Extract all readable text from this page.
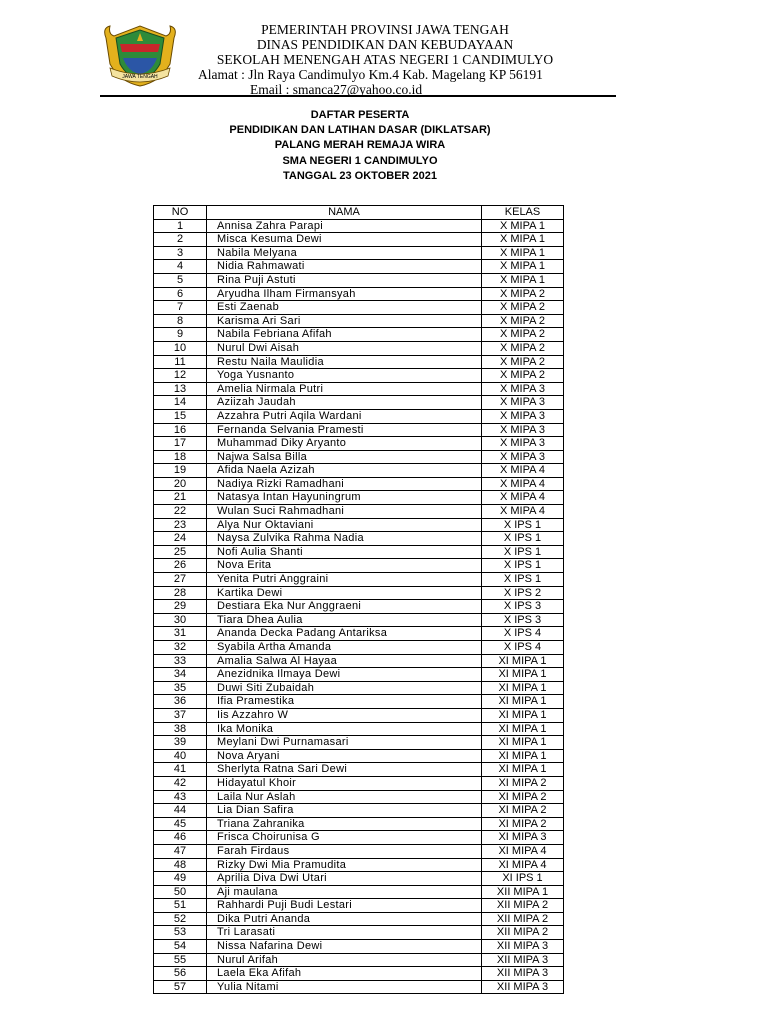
JAWA TENGAH
PEMERINTAH PROVINSI JAWA TENGAH
DINAS PENDIDIKAN DAN KEBUDAYAAN
SEKOLAH MENENGAH ATAS NEGERI 1 CANDIMULYO
Alamat : Jln Raya Candimulyo Km.4 Kab. Magelang KP 56191
Email : smanca27@yahoo.co.id
DAFTAR PESERTA
PENDIDIKAN DAN LATIHAN DASAR (DIKLATSAR)
PALANG MERAH REMAJA WIRA
SMA NEGERI 1 CANDIMULYO
TANGGAL 23 OKTOBER 2021
NO	NAMA	KELAS
1	Annisa Zahra Parapi	X MIPA 1
2	Misca Kesuma Dewi	X MIPA 1
3	Nabila Melyana	X MIPA 1
4	Nidia Rahmawati	X MIPA 1
5	Rina Puji Astuti	X MIPA 1
6	Aryudha Ilham Firmansyah	X MIPA 2
7	Esti Zaenab	X MIPA 2
8	Karisma Ari Sari	X MIPA 2
9	Nabila Febriana Afifah	X MIPA 2
10	Nurul Dwi Aisah	X MIPA 2
11	Restu Naila Maulidia	X MIPA 2
12	Yoga Yusnanto	X MIPA 2
13	Amelia Nirmala Putri	X MIPA 3
14	Aziizah Jaudah	X MIPA 3
15	Azzahra Putri Aqila Wardani	X MIPA 3
16	Fernanda Selvania Pramesti	X MIPA 3
17	Muhammad Diky Aryanto	X MIPA 3
18	Najwa Salsa Billa	X MIPA 3
19	Afida Naela Azizah	X MIPA 4
20	Nadiya Rizki Ramadhani	X MIPA 4
21	Natasya Intan Hayuningrum	X MIPA 4
22	Wulan Suci Rahmadhani	X MIPA 4
23	Alya Nur Oktaviani	X IPS 1
24	Naysa Zulvika Rahma Nadia	X IPS 1
25	Nofi Aulia Shanti	X IPS 1
26	Nova Erita	X IPS 1
27	Yenita Putri Anggraini	X IPS 1
28	Kartika Dewi	X IPS 2
29	Destiara Eka Nur Anggraeni	X IPS 3
30	Tiara Dhea Aulia	X IPS 3
31	Ananda Decka Padang Antariksa	X IPS 4
32	Syabila Artha Amanda	X IPS 4
33	Amalia Salwa Al Hayaa	XI MIPA 1
34	Anezidnika Ilmaya Dewi	XI MIPA 1
35	Duwi Siti Zubaidah	XI MIPA 1
36	Ifia Pramestika	XI MIPA 1
37	Iis Azzahro W	XI MIPA 1
38	Ika Monika	XI MIPA 1
39	Meylani Dwi Purnamasari	XI MIPA 1
40	Nova Aryani	XI MIPA 1
41	Sherlyta Ratna Sari Dewi	XI MIPA 1
42	Hidayatul Khoir	XI MIPA 2
43	Laila Nur Aslah	XI MIPA 2
44	Lia Dian Safira	XI MIPA 2
45	Triana Zahranika	XI MIPA 2
46	Frisca Choirunisa G	XI MIPA 3
47	Farah Firdaus	XI MIPA 4
48	Rizky Dwi Mia Pramudita	XI MIPA 4
49	Aprilia Diva Dwi Utari	XI IPS 1
50	Aji maulana	XII MIPA 1
51	Rahhardi Puji Budi Lestari	XII MIPA 2
52	Dika Putri Ananda	XII MIPA 2
53	Tri Larasati	XII MIPA 2
54	Nissa Nafarina Dewi	XII MIPA 3
55	Nurul Arifah	XII MIPA 3
56	Laela Eka Afifah	XII MIPA 3
57	Yulia Nitami	XII MIPA 3
